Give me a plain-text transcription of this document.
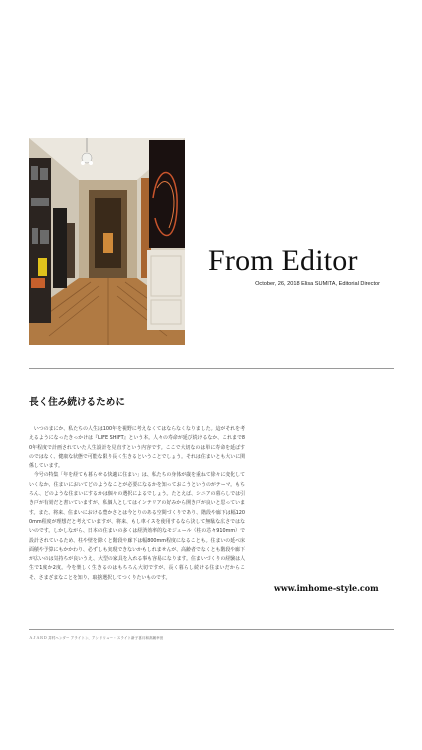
From Editor
October, 26, 2018 Elisa SUMITA, Editorial Director
長く住み続けるために

いつのまにか、私たちの人生は100年を視野に考えなくてはならなくなりました。這がそれを考えるようになったきっかけは『LIFE SHIFT』という本。人々の寿命が延び続けるなか、これまで80年程度で計画されていた人生設計を見直すという内容です。ここで大切なのは単に寿命を延ばすのではなく、健康な状態で可能な限り長く生きるということでしょう。それは住まいとも大いに関係しています。

今号の特集「年を経ても暮らせる快適に住まい」は、私たちの身体が歳を重ねて徐々に変化していくなか、住まいにおいてどのようなことが必要になるかを知っておこうというのがテーマ。もちろん、どのような住まいにするかは個々の選択によるでしょう。たとえば、シニアの暮らしでは引き戸が有効だと書いていますが、私個人としてはインテリアの好みから開き戸が良いと思っています。また、将来、住まいにおける豊かさとは今とりのある空間づくりであり、階段や廊下は幅1200mm程度が理想だと考えていますが、将来、もし車イスを使用するなら決して無駄な広さではないのです。しかしながら、日本の住まいの多くは経済効率的なモジュール（柱の芯々910mm）で設計されているため、柱や壁を除くと階段や廊下は幅800mm程度になることも。住まいの延べ床面積や予算にもかかわり、必ずしも実現できないかもしれませんが、高齢者でなくとも階段や廊下が広いのは気持ちが良いうえ、大型の家具を入れる事も容易になります。住まいづくりの経験は人生で1度か2度。今を楽しく生きるのはもちろん大切ですが、長く暮らし続ける住まいだからこそ、さまざまなことを知り、取捨選択してつくりたいものです。

www.imhome-style.com
ＡＪＡＲＤ 井村ヘンダー アライトン、アンドリュー・スライト新子喜月和高朝幸田
